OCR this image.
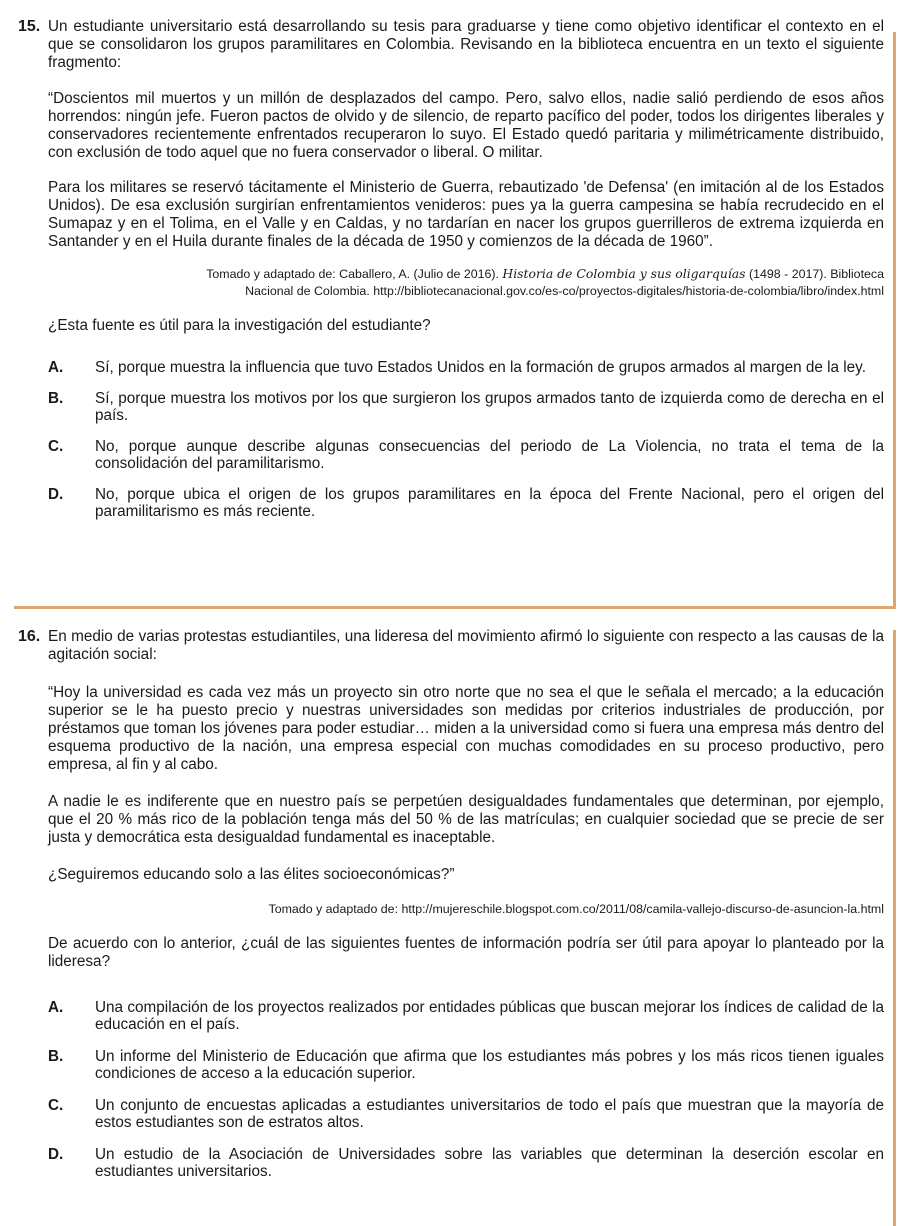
15. Un estudiante universitario está desarrollando su tesis para graduarse y tiene como objetivo identificar el contexto en el que se consolidaron los grupos paramilitares en Colombia. Revisando en la biblioteca encuentra en un texto el siguiente fragmento:

“Doscientos mil muertos y un millón de desplazados del campo. Pero, salvo ellos, nadie salió perdiendo de esos años horrendos: ningún jefe. Fueron pactos de olvido y de silencio, de reparto pacífico del poder, todos los dirigentes liberales y conservadores recientemente enfrentados recuperaron lo suyo. El Estado quedó paritaria y milimétricamente distribuido, con exclusión de todo aquel que no fuera conservador o liberal. O militar.

Para los militares se reservó tácitamente el Ministerio de Guerra, rebautizado 'de Defensa' (en imitación al de los Estados Unidos). De esa exclusión surgirían enfrentamientos venideros: pues ya la guerra campesina se había recrudecido en el Sumapaz y en el Tolima, en el Valle y en Caldas, y no tardarían en nacer los grupos guerrilleros de extrema izquierda en Santander y en el Huila durante finales de la década de 1950 y comienzos de la década de 1960”.

Tomado y adaptado de: Caballero, A. (Julio de 2016). Historia de Colombia y sus oligarquías (1498 - 2017). Biblioteca

Nacional de Colombia. http://bibliotecanacional.gov.co/es-co/proyectos-digitales/historia-de-colombia/libro/index.html

¿Esta fuente es útil para la investigación del estudiante?

A. Sí, porque muestra la influencia que tuvo Estados Unidos en la formación de grupos armados al margen de la ley.
B. Sí, porque muestra los motivos por los que surgieron los grupos armados tanto de izquierda como de derecha en el país.
C. No, porque aunque describe algunas consecuencias del periodo de La Violencia, no trata el tema de la consolidación del paramilitarismo.
D. No, porque ubica el origen de los grupos paramilitares en la época del Frente Nacional, pero el origen del paramilitarismo es más reciente.
16. En medio de varias protestas estudiantiles, una lideresa del movimiento afirmó lo siguiente con respecto a las causas de la agitación social:

“Hoy la universidad es cada vez más un proyecto sin otro norte que no sea el que le señala el mercado; a la educación superior se le ha puesto precio y nuestras universidades son medidas por criterios industriales de producción, por préstamos que toman los jóvenes para poder estudiar… miden a la universidad como si fuera una empresa más dentro del esquema productivo de la nación, una empresa especial con muchas comodidades en su proceso productivo, pero empresa, al fin y al cabo.

A nadie le es indiferente que en nuestro país se perpetúen desigualdades fundamentales que determinan, por ejemplo, que el 20 % más rico de la población tenga más del 50 % de las matrículas; en cualquier sociedad que se precie de ser justa y democrática esta desigualdad fundamental es inaceptable.

¿Seguiremos educando solo a las élites socioeconómicas?”

Tomado y adaptado de: http://mujereschile.blogspot.com.co/2011/08/camila-vallejo-discurso-de-asuncion-la.html

De acuerdo con lo anterior, ¿cuál de las siguientes fuentes de información podría ser útil para apoyar lo planteado por la lideresa?

A. Una compilación de los proyectos realizados por entidades públicas que buscan mejorar los índices de calidad de la educación en el país.
B. Un informe del Ministerio de Educación que afirma que los estudiantes más pobres y los más ricos tienen iguales condiciones de acceso a la educación superior.
C. Un conjunto de encuestas aplicadas a estudiantes universitarios de todo el país que muestran que la mayoría de estos estudiantes son de estratos altos.
D. Un estudio de la Asociación de Universidades sobre las variables que determinan la deserción escolar en estudiantes universitarios.
